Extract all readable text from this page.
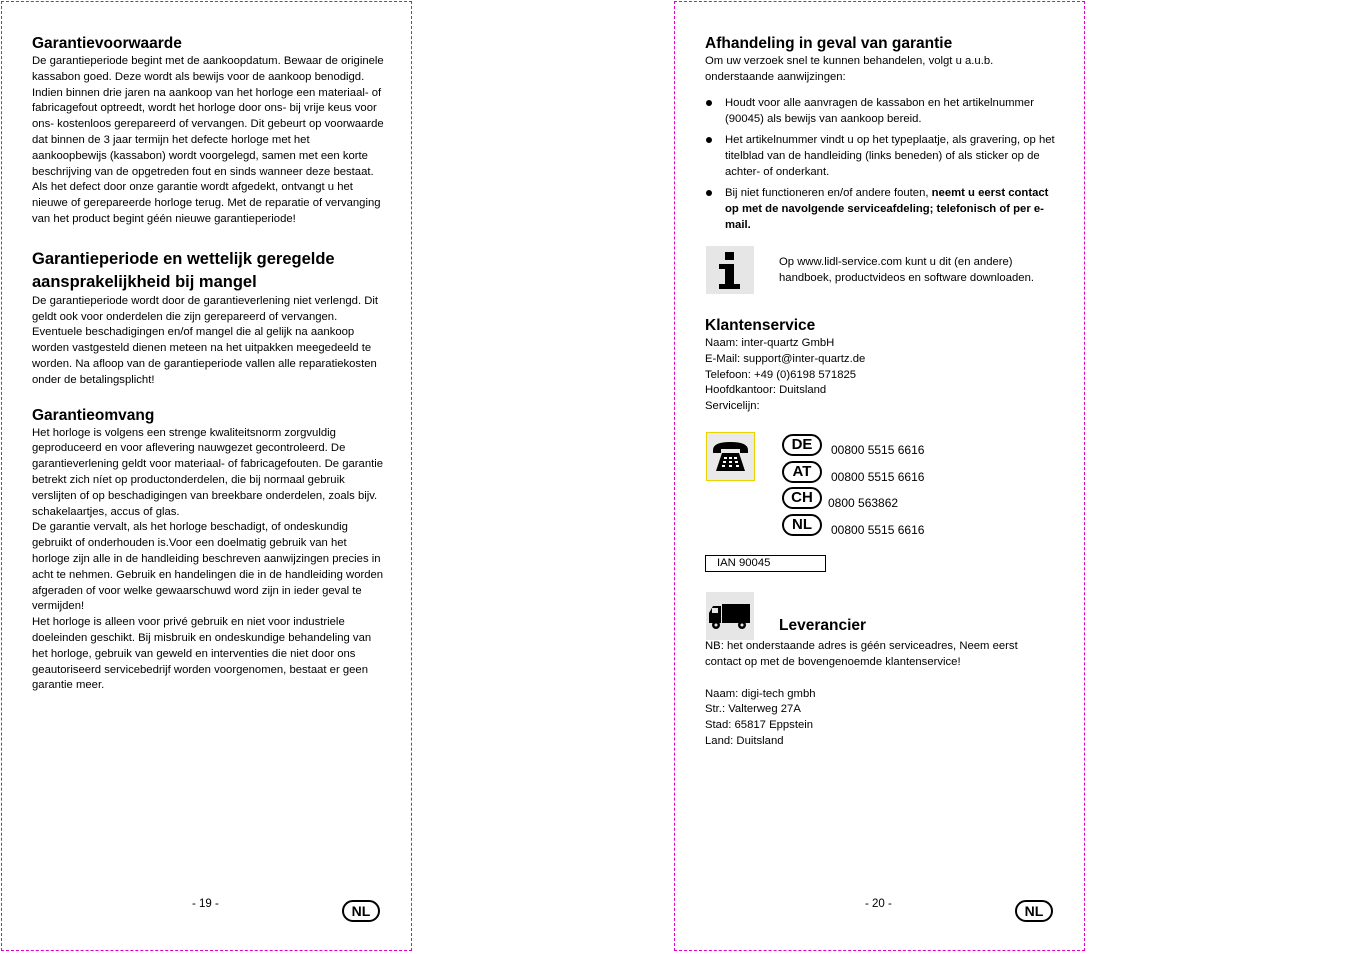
Garantievoorwaarde

De garantieperiode begint met de aankoopdatum. Bewaar de originele kassabon goed. Deze wordt als bewijs voor de aankoop benodigd. Indien binnen drie jaren na aankoop van het horloge een materiaal- of fabricagefout optreedt, wordt het horloge door ons- bij vrije keus voor ons- kostenloos gerepareerd of vervangen. Dit gebeurt op voorwaarde dat binnen de 3 jaar termijn het defecte horloge met het aankoopbewijs (kassabon) wordt voorgelegd, samen met een korte beschrijving van de opgetreden fout en sinds wanneer deze bestaat. Als het defect door onze garantie wordt afgedekt, ontvangt u het nieuwe of gerepareerde horloge terug. Met de reparatie of vervanging van het product begint géén nieuwe garantieperiode!

Garantieperiode en wettelijk geregelde aansprakelijkheid bij mangel

De garantieperiode wordt door de garantieverlening niet verlengd. Dit geldt ook voor onderdelen die zijn gerepareerd of vervangen. Eventuele beschadigingen en/of mangel die al gelijk na aankoop worden vastgesteld dienen meteen na het uitpakken meegedeeld te worden. Na afloop van de garantieperiode vallen alle reparatiekosten onder de betalingsplicht!

Garantieomvang

Het horloge is volgens een strenge kwaliteitsnorm zorgvuldig geproduceerd en voor aflevering nauwgezet gecontroleerd. De garantieverlening geldt voor materiaal- of fabricagefouten. De garantie betrekt zich níet op productonderdelen, die bij normaal gebruik verslijten of op beschadigingen van breekbare onderdelen, zoals bijv. schakelaartjes, accus of glas.

De garantie vervalt, als het horloge beschadigt, of ondeskundig gebruikt of onderhouden is.Voor een doelmatig gebruik van het horloge zijn alle in de handleiding beschreven aanwijzingen precies in acht te nehmen. Gebruik en handelingen die in de handleiding worden afgeraden of voor welke gewaarschuwd word zijn in ieder geval te vermijden!

Het horloge is alleen voor privé gebruik en niet voor industriele doeleinden geschikt. Bij misbruik en ondeskundige behandeling van het horloge, gebruik van geweld en interventies die niet door ons geautoriseerd servicebedrijf worden voorgenomen, bestaat er geen garantie meer.

- 19 -	NL
Afhandeling in geval van garantie

Om uw verzoek snel te kunnen behandelen, volgt u a.u.b. onderstaande aanwijzingen:

Houdt voor alle aanvragen de kassabon en het artikelnummer (90045) als bewijs van aankoop bereid.
Het artikelnummer vindt u op het typeplaatje, als gravering, op het titelblad van de handleiding (links beneden) of als sticker op de achter- of onderkant.
Bij niet functioneren en/of andere fouten, neemt u eerst contact op met de navolgende serviceafdeling; telefonisch of per e-mail.
Op www.lidl-service.com kunt u dit (en andere) handboek, productvideos en software downloaden.
Klantenservice

Naam: inter-quartz GmbH

E-Mail: support@inter-quartz.de

Telefoon: +49 (0)6198 571825

Hoofdkantoor: Duitsland

Servicelijn:

DE	00800 5515 6616
AT	00800 5515 6616
CH	0800 563862
NL	00800 5515 6616
IAN 90045
Leverancier

NB: het onderstaande adres is géén serviceadres, Neem eerst contact op met de bovengenoemde klantenservice!

Naam: digi-tech gmbh

Str.: Valterweg 27A

Stad: 65817 Eppstein

Land: Duitsland

- 20 -	NL
